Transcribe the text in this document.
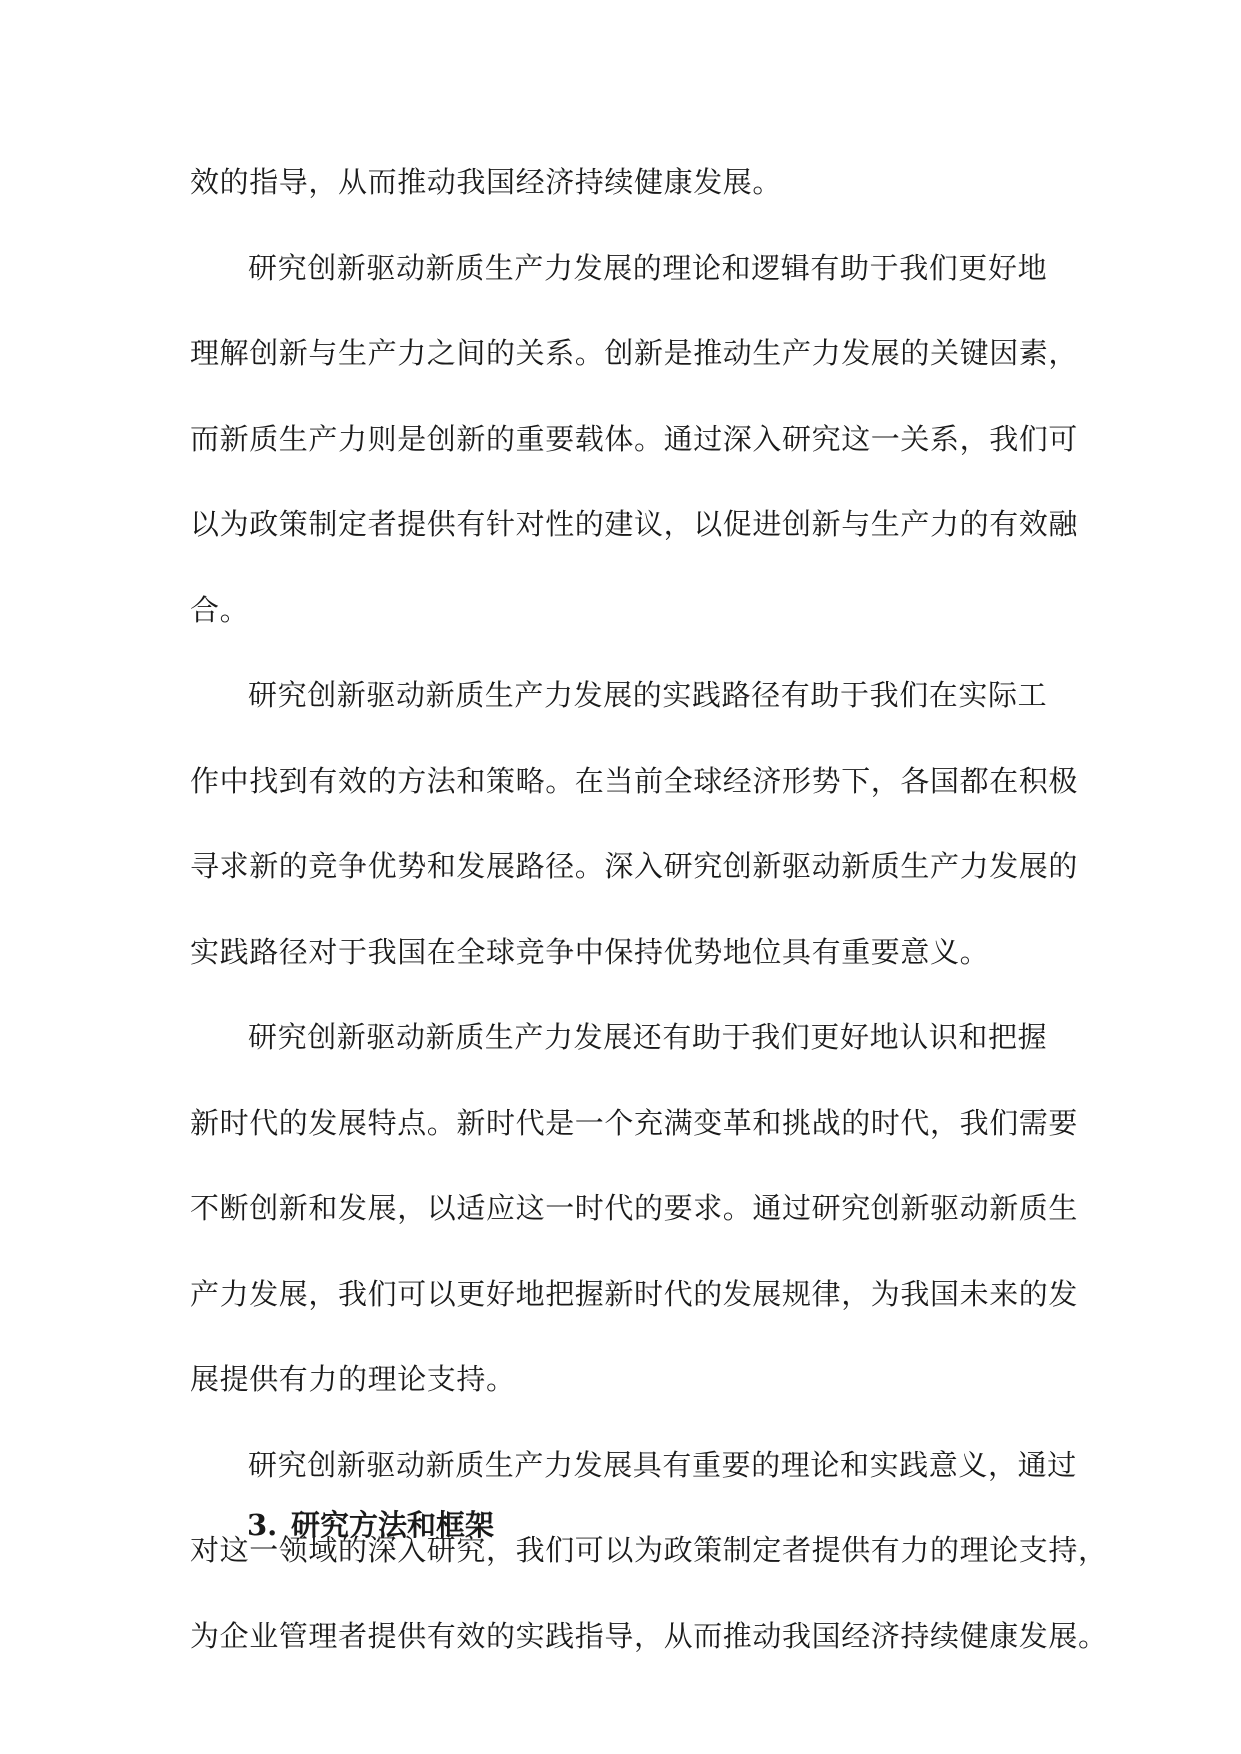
效的指导，从而推动我国经济持续健康发展。
研究创新驱动新质生产力发展的理论和逻辑有助于我们更好地
理解创新与生产力之间的关系。创新是推动生产力发展的关键因素，
而新质生产力则是创新的重要载体。通过深入研究这一关系，我们可
以为政策制定者提供有针对性的建议，以促进创新与生产力的有效融
合。
研究创新驱动新质生产力发展的实践路径有助于我们在实际工
作中找到有效的方法和策略。在当前全球经济形势下，各国都在积极
寻求新的竞争优势和发展路径。深入研究创新驱动新质生产力发展的
实践路径对于我国在全球竞争中保持优势地位具有重要意义。
研究创新驱动新质生产力发展还有助于我们更好地认识和把握
新时代的发展特点。新时代是一个充满变革和挑战的时代，我们需要
不断创新和发展，以适应这一时代的要求。通过研究创新驱动新质生
产力发展，我们可以更好地把握新时代的发展规律，为我国未来的发
展提供有力的理论支持。
研究创新驱动新质生产力发展具有重要的理论和实践意义，通过
对这一领域的深入研究，我们可以为政策制定者提供有力的理论支持，
为企业管理者提供有效的实践指导，从而推动我国经济持续健康发展。
3. 研究方法和框架
